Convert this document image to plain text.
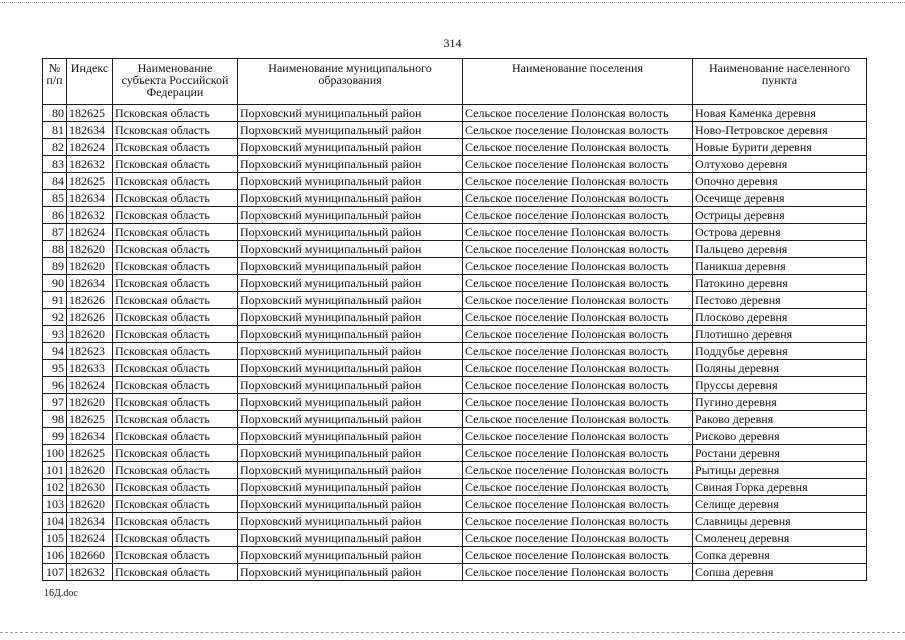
314
№ п/п	Индекс	Наименование субъекта Российской Федерации	Наименование муниципального образования	Наименование поселения	Наименование населенного пункта
80	182625	Псковская область	Порховский муниципальный район	Сельское поселение Полонская волость	Новая Каменка деревня
81	182634	Псковская область	Порховский муниципальный район	Сельское поселение Полонская волость	Ново-Петровское деревня
82	182624	Псковская область	Порховский муниципальный район	Сельское поселение Полонская волость	Новые Бурити деревня
83	182632	Псковская область	Порховский муниципальный район	Сельское поселение Полонская волость	Олтухово деревня
84	182625	Псковская область	Порховский муниципальный район	Сельское поселение Полонская волость	Опочно деревня
85	182634	Псковская область	Порховский муниципальный район	Сельское поселение Полонская волость	Осечище деревня
86	182632	Псковская область	Порховский муниципальный район	Сельское поселение Полонская волость	Острицы деревня
87	182624	Псковская область	Порховский муниципальный район	Сельское поселение Полонская волость	Острова деревня
88	182620	Псковская область	Порховский муниципальный район	Сельское поселение Полонская волость	Пальцево деревня
89	182620	Псковская область	Порховский муниципальный район	Сельское поселение Полонская волость	Паникша деревня
90	182634	Псковская область	Порховский муниципальный район	Сельское поселение Полонская волость	Патокино деревня
91	182626	Псковская область	Порховский муниципальный район	Сельское поселение Полонская волость	Пестово деревня
92	182626	Псковская область	Порховский муниципальный район	Сельское поселение Полонская волость	Плосково деревня
93	182620	Псковская область	Порховский муниципальный район	Сельское поселение Полонская волость	Плотишно деревня
94	182623	Псковская область	Порховский муниципальный район	Сельское поселение Полонская волость	Поддубье деревня
95	182633	Псковская область	Порховский муниципальный район	Сельское поселение Полонская волость	Поляны деревня
96	182624	Псковская область	Порховский муниципальный район	Сельское поселение Полонская волость	Пруссы деревня
97	182620	Псковская область	Порховский муниципальный район	Сельское поселение Полонская волость	Пугино деревня
98	182625	Псковская область	Порховский муниципальный район	Сельское поселение Полонская волость	Раково деревня
99	182634	Псковская область	Порховский муниципальный район	Сельское поселение Полонская волость	Рисково деревня
100	182625	Псковская область	Порховский муниципальный район	Сельское поселение Полонская волость	Ростани деревня
101	182620	Псковская область	Порховский муниципальный район	Сельское поселение Полонская волость	Рытицы деревня
102	182630	Псковская область	Порховский муниципальный район	Сельское поселение Полонская волость	Свиная Горка деревня
103	182620	Псковская область	Порховский муниципальный район	Сельское поселение Полонская волость	Селище деревня
104	182634	Псковская область	Порховский муниципальный район	Сельское поселение Полонская волость	Славницы деревня
105	182624	Псковская область	Порховский муниципальный район	Сельское поселение Полонская волость	Смоленец деревня
106	182660	Псковская область	Порховский муниципальный район	Сельское поселение Полонская волость	Сопка деревня
107	182632	Псковская область	Порховский муниципальный район	Сельское поселение Полонская волость	Сопша деревня
16Д.doc
